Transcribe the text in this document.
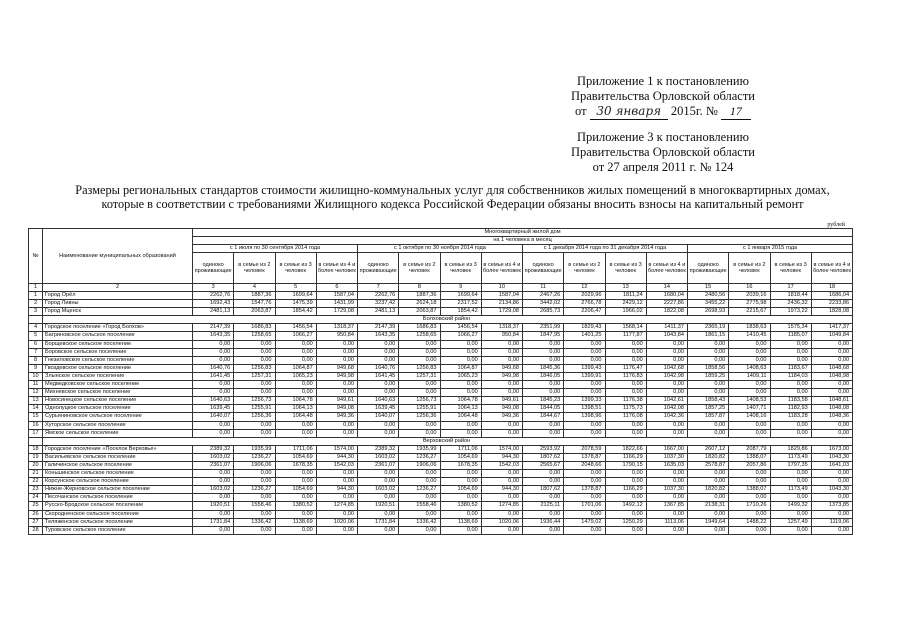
Приложение 1 к постановлению
Правительства Орловской области
от 30 января 2015г. № 17
Приложение 3 к постановлению
Правительства Орловской области
от 27 апреля 2011 г. № 124
Размеры региональных стандартов стоимости жилищно-коммунальных услуг для собственников жилых помещений в многоквартирных домах,
которые в соответствии с требованиями Жилищного кодекса Российской Федерации обязаны вносить взносы на капитальный ремонт
рублей
№	Наименование муниципальных образований	Многоквартирный жилой дом															
		на 1 человека в месяц															
		с 1 июля по 30 сентября 2014 года				с 1 октября по 30 ноября 2014 года				с 1 декабря 2014 года по 31 декабря 2014 года				с 1 января 2015 года			
		одиноко проживающие	в семье из 2 человек	в семье из 3 человек	в семье из 4 и более человек	одиноко проживающие	в семье из 2 человек	в семье из 3 человек	в семье из 4 и более человек	одиноко проживающие	в семье из 2 человек	в семье из 3 человек	в семье из 4 и более человек	одиноко проживающие	в семье из 2 человек	в семье из 3 человек	в семье из 4 и более человек
1	2	3	4	5	6	7	8	9	10	11	12	13	14	15	16	17	18
1	Город Орёл	2262,76	1887,36	1699,64	1587,04	2262,76	1887,36	1699,64	1587,04	2467,26	2029,96	1811,24	1680,04	2480,56	2039,16	1818,44	1686,04
2	Город Ливны	1692,43	1547,76	1475,39	1431,99	3237,42	2624,18	2317,52	2134,86	3442,02	2766,78	2429,12	2227,86	3455,22	2775,98	2436,32	2233,86
3	Город Мценск	2481,13	2063,87	1854,42	1729,08	2481,13	2063,87	1854,42	1729,08	2685,73	2206,47	1966,02	1822,08	2698,93	2215,67	1973,22	1828,08
	Болховский район																
4	Городское поселение «Город Болхов»	2147,39	1686,83	1456,54	1318,37	2147,39	1686,83	1456,54	1318,37	2351,99	1829,43	1568,14	1411,37	2365,19	1838,63	1575,34	1417,37
5	Багриновское сельское поселение	1643,35	1258,65	1066,27	950,84	1643,35	1258,65	1066,27	950,84	1847,95	1401,25	1177,87	1043,84	1861,15	1410,45	1185,07	1049,84
6	Борщевское сельское поселение	0,00	0,00	0,00	0,00	0,00	0,00	0,00	0,00	0,00	0,00	0,00	0,00	0,00	0,00	0,00	0,00
7	Боровское сельское поселение	0,00	0,00	0,00	0,00	0,00	0,00	0,00	0,00	0,00	0,00	0,00	0,00	0,00	0,00	0,00	0,00
8	Гнезиловское сельское поселение	0,00	0,00	0,00	0,00	0,00	0,00	0,00	0,00	0,00	0,00	0,00	0,00	0,00	0,00	0,00	0,00
9	Гвоздевское сельское поселение	1640,76	1256,83	1064,87	949,68	1640,76	1256,83	1064,87	949,68	1845,36	1399,43	1176,47	1042,68	1858,56	1408,63	1183,67	1048,68
10	Злынское сельское поселение	1641,45	1257,31	1065,23	949,98	1641,45	1257,31	1065,23	949,98	1846,05	1399,91	1176,83	1042,98	1859,25	1409,11	1184,03	1048,98
11	Медведковское сельское поселение	0,00	0,00	0,00	0,00	0,00	0,00	0,00	0,00	0,00	0,00	0,00	0,00	0,00	0,00	0,00	0,00
12	Михневское сельское поселение	0,00	0,00	0,00	0,00	0,00	0,00	0,00	0,00	0,00	0,00	0,00	0,00	0,00	0,00	0,00	0,00
13	Новосинецкое сельское поселение	1640,63	1256,73	1064,78	949,61	1640,63	1256,73	1064,78	949,61	1845,23	1399,33	1176,38	1042,61	1858,43	1408,53	1183,58	1048,61
14	Однолуцкое сельское поселение	1639,45	1255,91	1064,13	949,08	1639,45	1255,91	1064,13	949,08	1844,05	1398,51	1175,73	1042,08	1857,25	1407,71	1182,93	1048,08
15	Сурьяниновское сельское поселение	1640,07	1256,36	1064,48	949,36	1640,07	1256,36	1064,48	949,36	1844,67	1398,96	1176,08	1042,36	1857,87	1408,16	1183,28	1048,36
16	Хуторское сельское поселение	0,00	0,00	0,00	0,00	0,00	0,00	0,00	0,00	0,00	0,00	0,00	0,00	0,00	0,00	0,00	0,00
17	Ямское сельское поселение	0,00	0,00	0,00	0,00	0,00	0,00	0,00	0,00	0,00	0,00	0,00	0,00	0,00	0,00	0,00	0,00
	Верховский район																
18	Городское поселение «Поселок Верховье»	2389,32	1935,99	1711,06	1574,00	2389,32	1935,99	1711,06	1574,00	2593,92	2078,59	1822,66	1667,00	2607,12	2087,79	1829,86	1673,00
19	Васильевское сельское поселение	1603,02	1236,27	1054,69	944,30	1603,02	1236,27	1054,69	944,30	1807,62	1378,87	1166,29	1037,30	1820,82	1388,07	1173,49	1043,30
20	Галичинское сельское поселение	2361,07	1906,06	1678,35	1542,03	2361,07	1906,06	1678,35	1542,03	2565,67	2048,66	1790,15	1635,03	2578,87	2057,86	1797,35	1641,03
21	Коньшинское сельское поселение	0,00	0,00	0,00	0,00	0,00	0,00	0,00	0,00	0,00	0,00	0,00	0,00	0,00	0,00	0,00	0,00
22	Корсунское сельское поселение	0,00	0,00	0,00	0,00	0,00	0,00	0,00	0,00	0,00	0,00	0,00	0,00	0,00	0,00	0,00	0,00
23	Нижне-Жерновское сельское поселение	1603,02	1236,27	1054,69	944,30	1603,02	1236,27	1054,69	944,30	1807,62	1378,87	1166,29	1037,30	1820,82	1388,07	1173,49	1043,30
24	Песочанское сельское поселение	0,00	0,00	0,00	0,00	0,00	0,00	0,00	0,00	0,00	0,00	0,00	0,00	0,00	0,00	0,00	0,00
25	Русско-Бродское сельское поселение	1920,51	1558,46	1380,52	1274,85	1920,51	1558,46	1380,52	1274,85	2125,11	1701,06	1492,12	1367,85	2138,31	1710,26	1499,32	1373,85
26	Скородненское сельское поселение	0,00	0,00	0,00	0,00	0,00	0,00	0,00	0,00	0,00	0,00	0,00	0,00	0,00	0,00	0,00	0,00
27	Теляженское сельское поселение	1731,84	1336,42	1138,69	1020,06	1731,84	1336,42	1138,69	1020,06	1936,44	1479,02	1250,29	1113,06	1949,64	1488,22	1257,49	1119,06
28	Туровское сельское поселение	0,00	0,00	0,00	0,00	0,00	0,00	0,00	0,00	0,00	0,00	0,00	0,00	0,00	0,00	0,00	0,00
